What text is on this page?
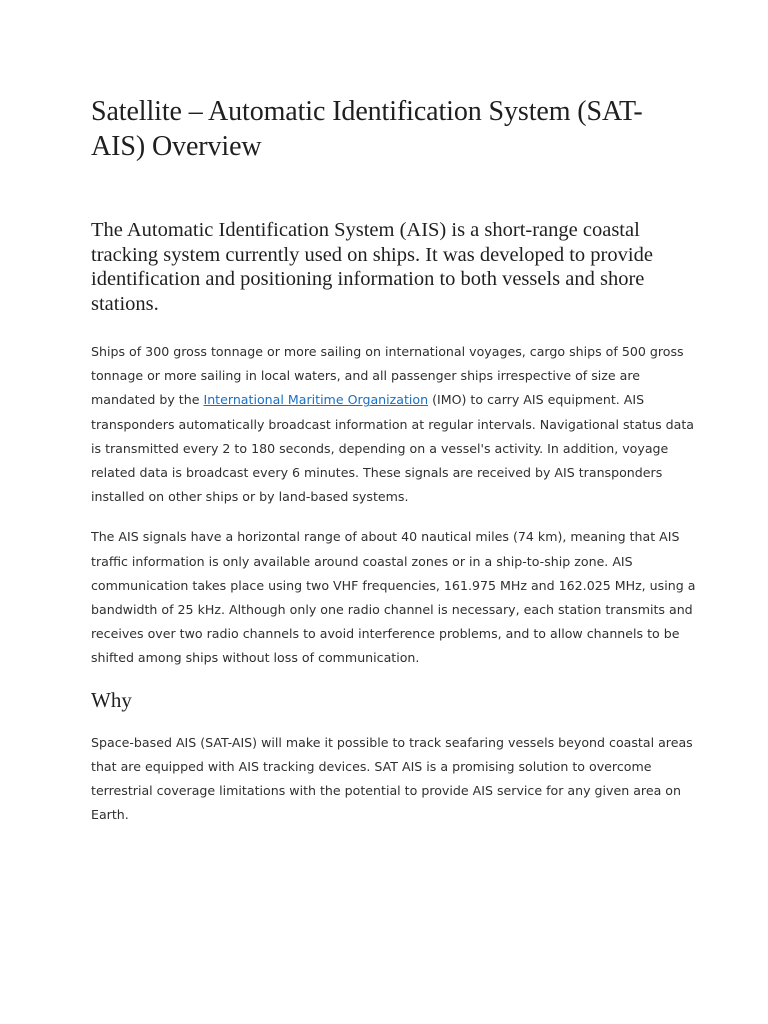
Satellite – Automatic Identification System (SAT-AIS) Overview

The Automatic Identification System (AIS) is a short-range coastal tracking system currently used on ships. It was developed to provide identification and positioning information to both vessels and shore stations.

Ships of 300 gross tonnage or more sailing on international voyages, cargo ships of 500 gross tonnage or more sailing in local waters, and all passenger ships irrespective of size are mandated by the International Maritime Organization (IMO) to carry AIS equipment. AIS transponders automatically broadcast information at regular intervals. Navigational status data is transmitted every 2 to 180 seconds, depending on a vessel's activity. In addition, voyage related data is broadcast every 6 minutes. These signals are received by AIS transponders installed on other ships or by land-based systems.

The AIS signals have a horizontal range of about 40 nautical miles (74 km), meaning that AIS traffic information is only available around coastal zones or in a ship-to-ship zone. AIS communication takes place using two VHF frequencies, 161.975 MHz and 162.025 MHz, using a bandwidth of 25 kHz. Although only one radio channel is necessary, each station transmits and receives over two radio channels to avoid interference problems, and to allow channels to be shifted among ships without loss of communication.

Why

Space-based AIS (SAT-AIS) will make it possible to track seafaring vessels beyond coastal areas that are equipped with AIS tracking devices. SAT AIS is a promising solution to overcome terrestrial coverage limitations with the potential to provide AIS service for any given area on Earth.
